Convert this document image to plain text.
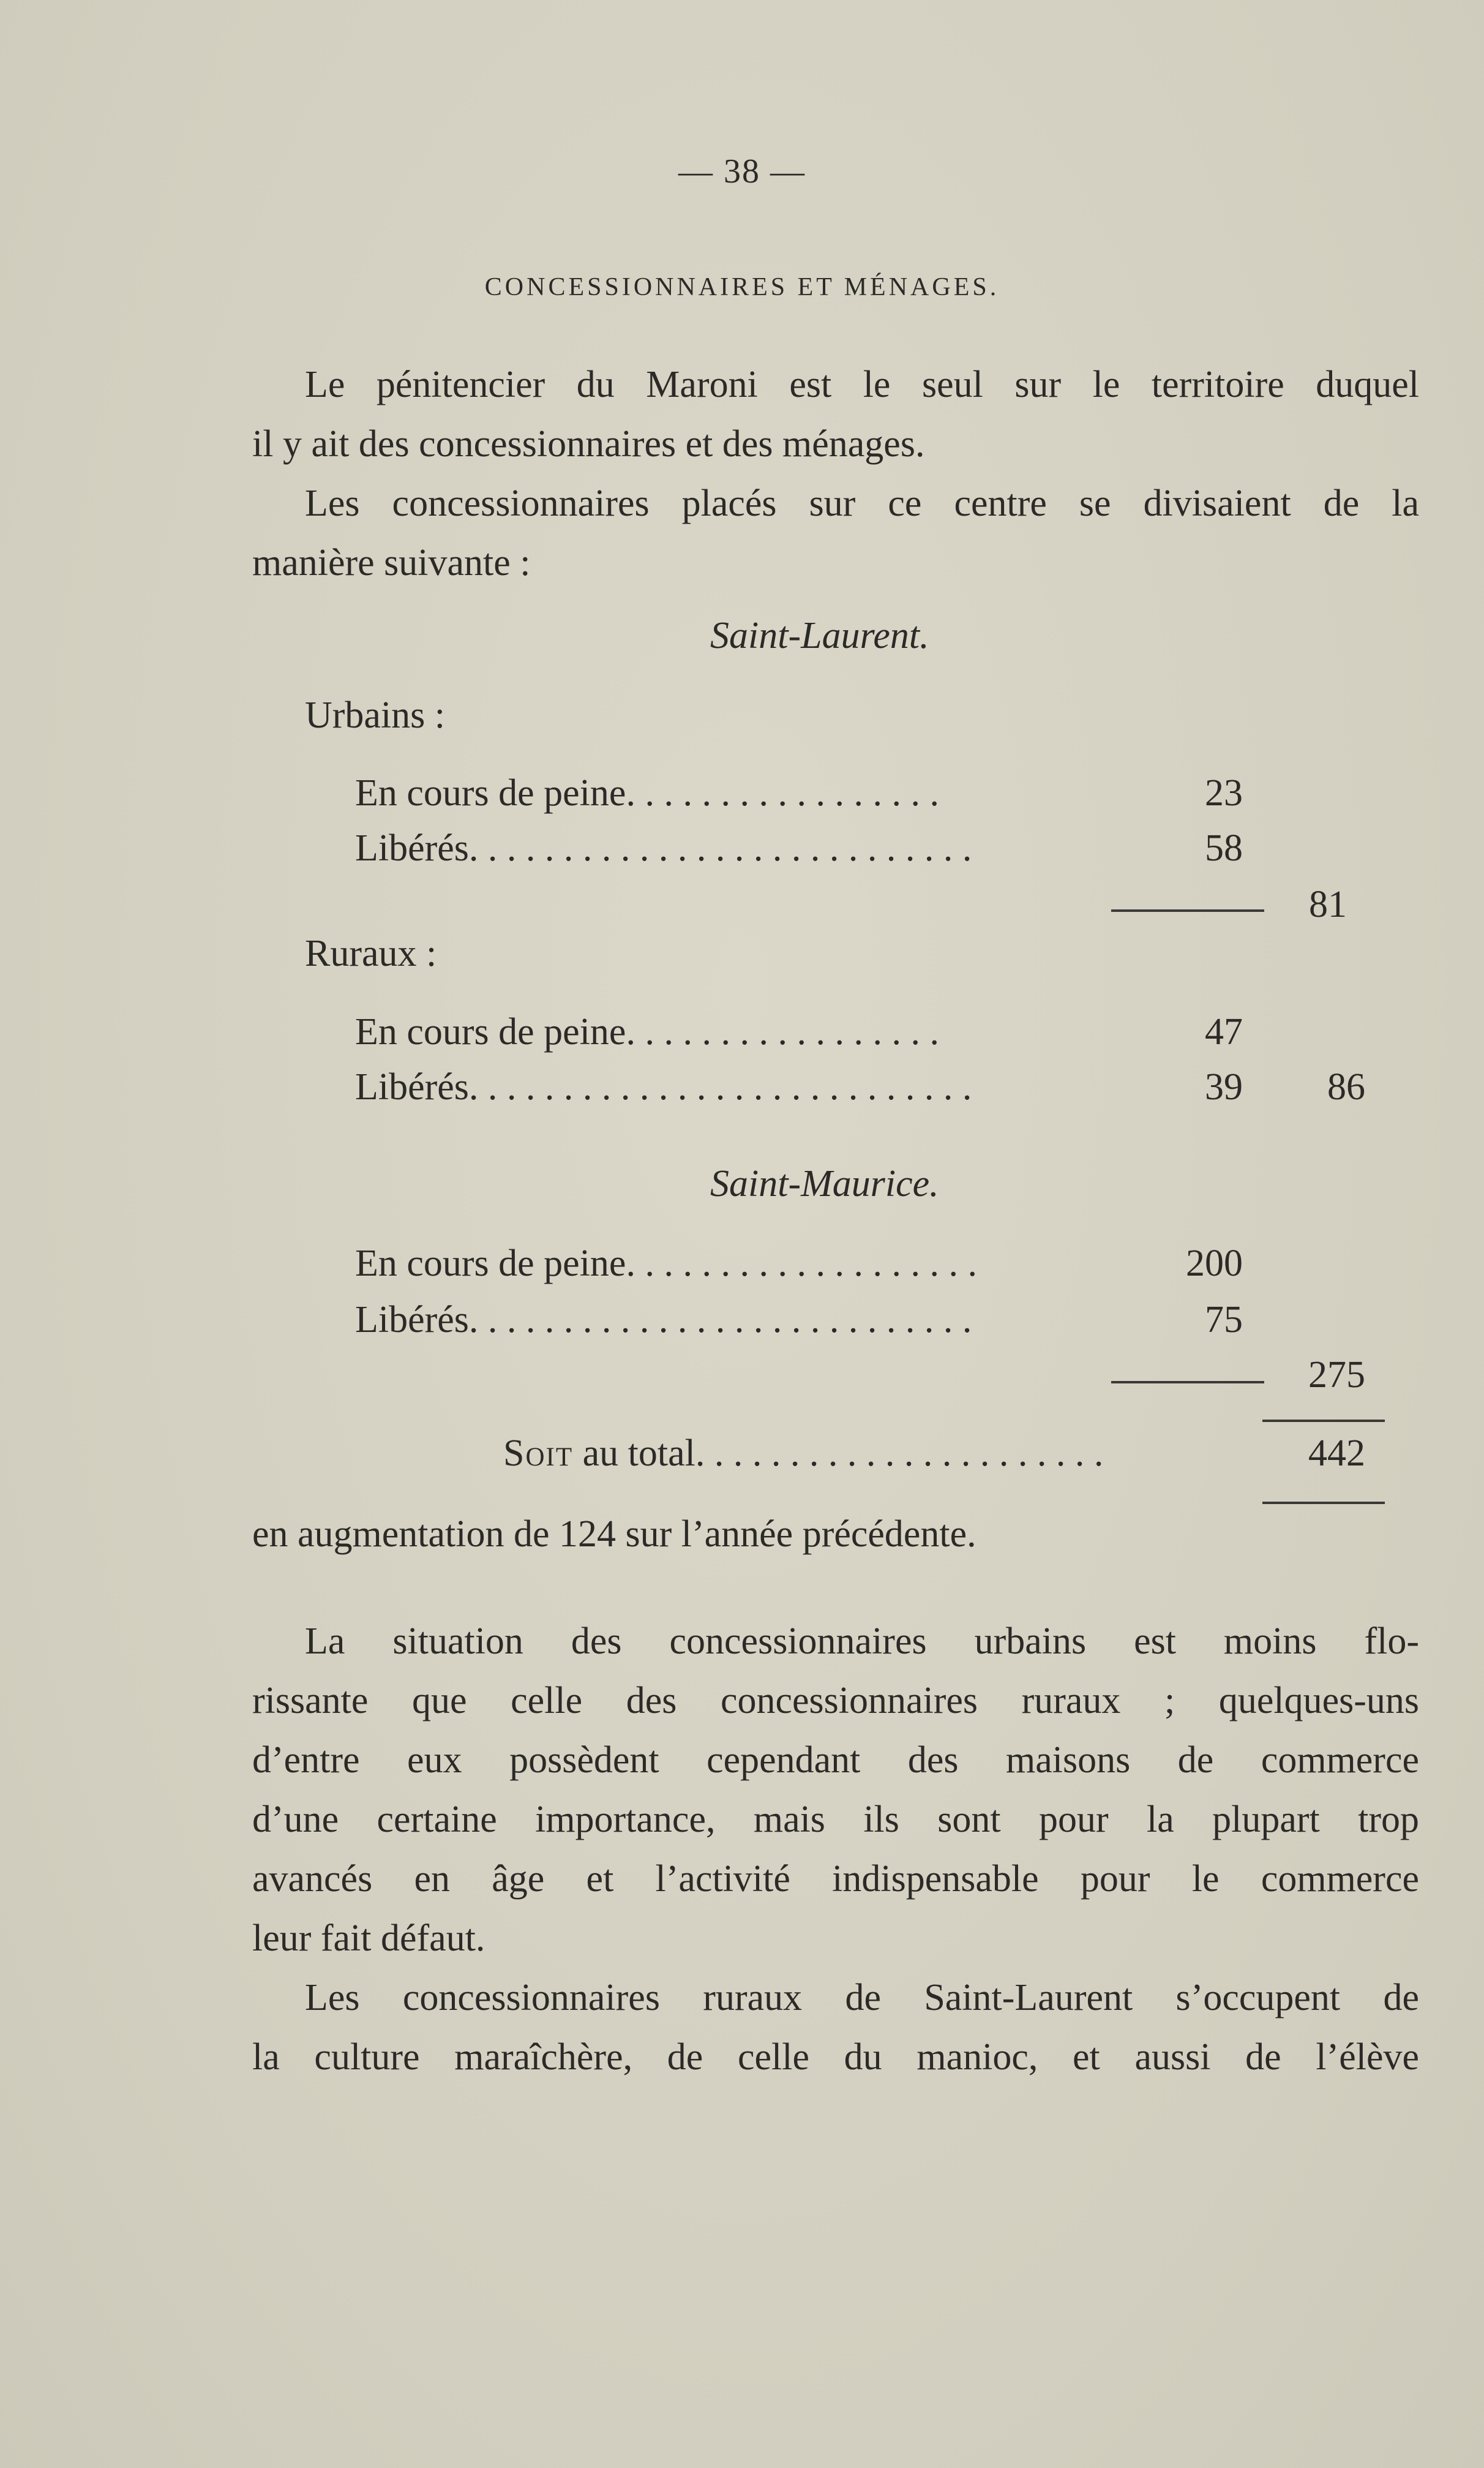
— 38 —
CONCESSIONNAIRES ET MÉNAGES.
Le pénitencier du Maroni est le seul sur le territoire duquel
il y ait des concessionnaires et des ménages.
Les concessionnaires placés sur ce centre se divisaient de la
manière suivante :
Saint-Laurent.
Urbains :
En cours de peine. . . . . . . . . . . . . . . . .	23
Libérés. . . . . . . . . . . . . . . . . . . . . . . . . . .	58
81
Ruraux :
En cours de peine. . . . . . . . . . . . . . . . .	47
Libérés. . . . . . . . . . . . . . . . . . . . . . . . . . .	39	86
Saint-Maurice.
En cours de peine. . . . . . . . . . . . . . . . . . .	200
Libérés. . . . . . . . . . . . . . . . . . . . . . . . . . .	75
275
Soit au total. . . . . . . . . . . . . . . . . . . . . .	442
en augmentation de 124 sur l’année précédente.
La situation des concessionnaires urbains est moins flo-
rissante que celle des concessionnaires ruraux ; quelques-uns
d’entre eux possèdent cependant des maisons de commerce
d’une certaine importance, mais ils sont pour la plupart trop
avancés en âge et l’activité indispensable pour le commerce
leur fait défaut.
Les concessionnaires ruraux de Saint-Laurent s’occupent de
la culture maraîchère, de celle du manioc, et aussi de l’élève
